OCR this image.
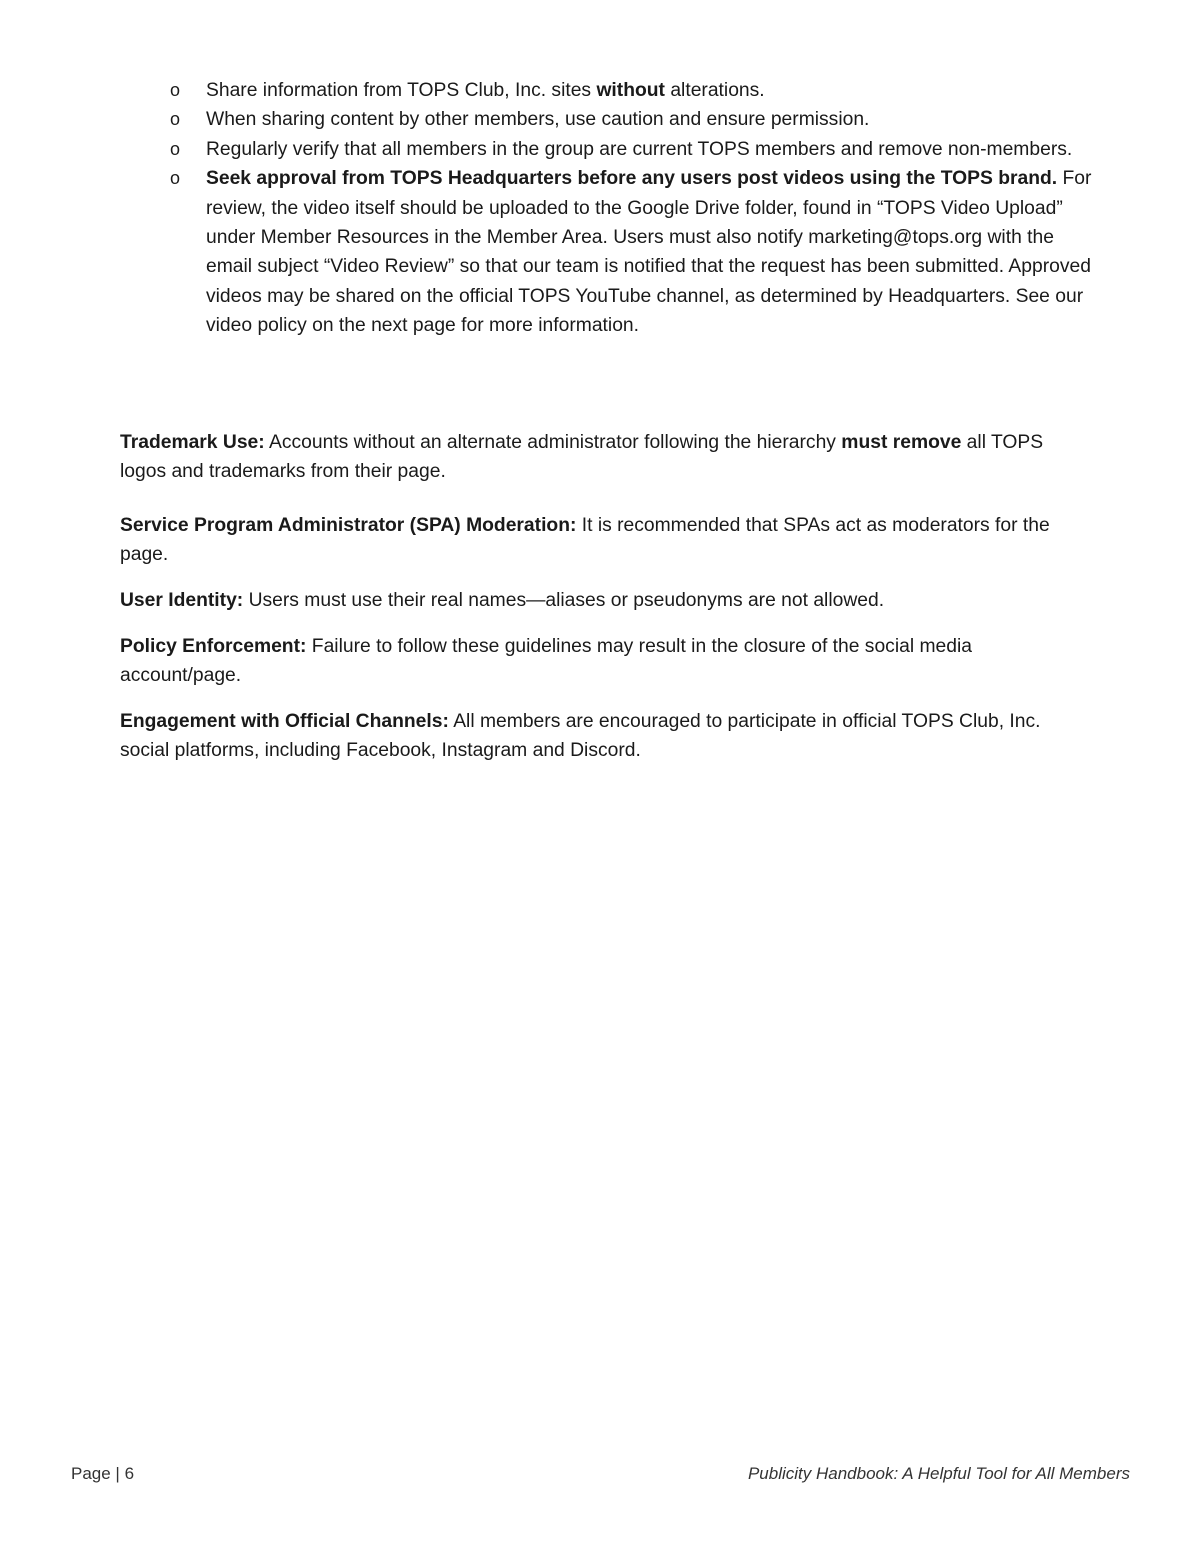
o Share information from TOPS Club, Inc. sites without alterations.
o When sharing content by other members, use caution and ensure permission.
o Regularly verify that all members in the group are current TOPS members and remove non-members.
o Seek approval from TOPS Headquarters before any users post videos using the TOPS brand. For review, the video itself should be uploaded to the Google Drive folder, found in “TOPS Video Upload” under Member Resources in the Member Area. Users must also notify marketing@tops.org with the email subject “Video Review” so that our team is notified that the request has been submitted. Approved videos may be shared on the official TOPS YouTube channel, as determined by Headquarters. See our video policy on the next page for more information.

Trademark Use: Accounts without an alternate administrator following the hierarchy must remove all TOPS logos and trademarks from their page.

Service Program Administrator (SPA) Moderation: It is recommended that SPAs act as moderators for the page.

User Identity: Users must use their real names—aliases or pseudonyms are not allowed.

Policy Enforcement: Failure to follow these guidelines may result in the closure of the social media account/page.

Engagement with Official Channels: All members are encouraged to participate in official TOPS Club, Inc. social platforms, including Facebook, Instagram and Discord.

Page | 6	Publicity Handbook: A Helpful Tool for All Members
